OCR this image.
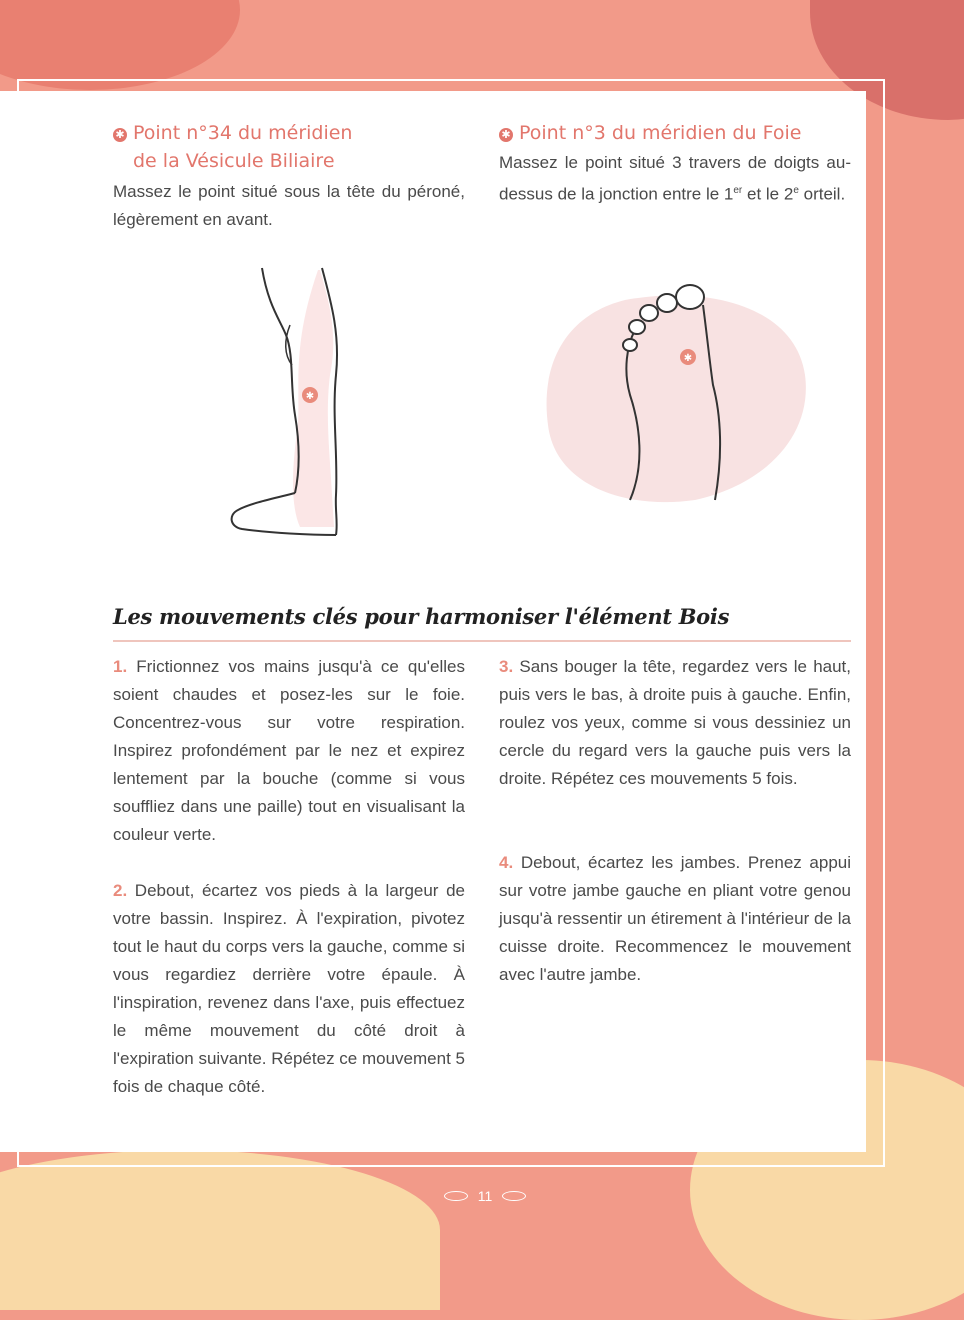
✱ Point n°34 du méridien
de la Vésicule Biliaire

Massez le point situé sous la tête du péroné, légèrement en avant.

✱ Point n°3 du méridien du Foie

Massez le point situé 3 travers de doigts au-dessus de la jonction entre le 1er et le 2e orteil.

✱
✱
Les mouvements clés pour harmoniser l'élément Bois

1. Frictionnez vos mains jusqu'à ce qu'elles soient chaudes et posez-les sur le foie. Concentrez-vous sur votre respiration. Inspirez profondément par le nez et expirez lentement par la bouche (comme si vous souffliez dans une paille) tout en visualisant la couleur verte.

2. Debout, écartez vos pieds à la largeur de votre bassin. Inspirez. À l'expiration, pivotez tout le haut du corps vers la gauche, comme si vous regardiez derrière votre épaule. À l'inspiration, revenez dans l'axe, puis effectuez le même mouvement du côté droit à l'expiration suivante. Répétez ce mouvement 5 fois de chaque côté.

3. Sans bouger la tête, regardez vers le haut, puis vers le bas, à droite puis à gauche. Enfin, roulez vos yeux, comme si vous dessiniez un cercle du regard vers la gauche puis vers la droite. Répétez ces mouvements 5 fois.

4. Debout, écartez les jambes. Prenez appui sur votre jambe gauche en pliant votre genou jusqu'à ressentir un étirement à l'intérieur de la cuisse droite. Recommencez le mouvement avec l'autre jambe.

11
